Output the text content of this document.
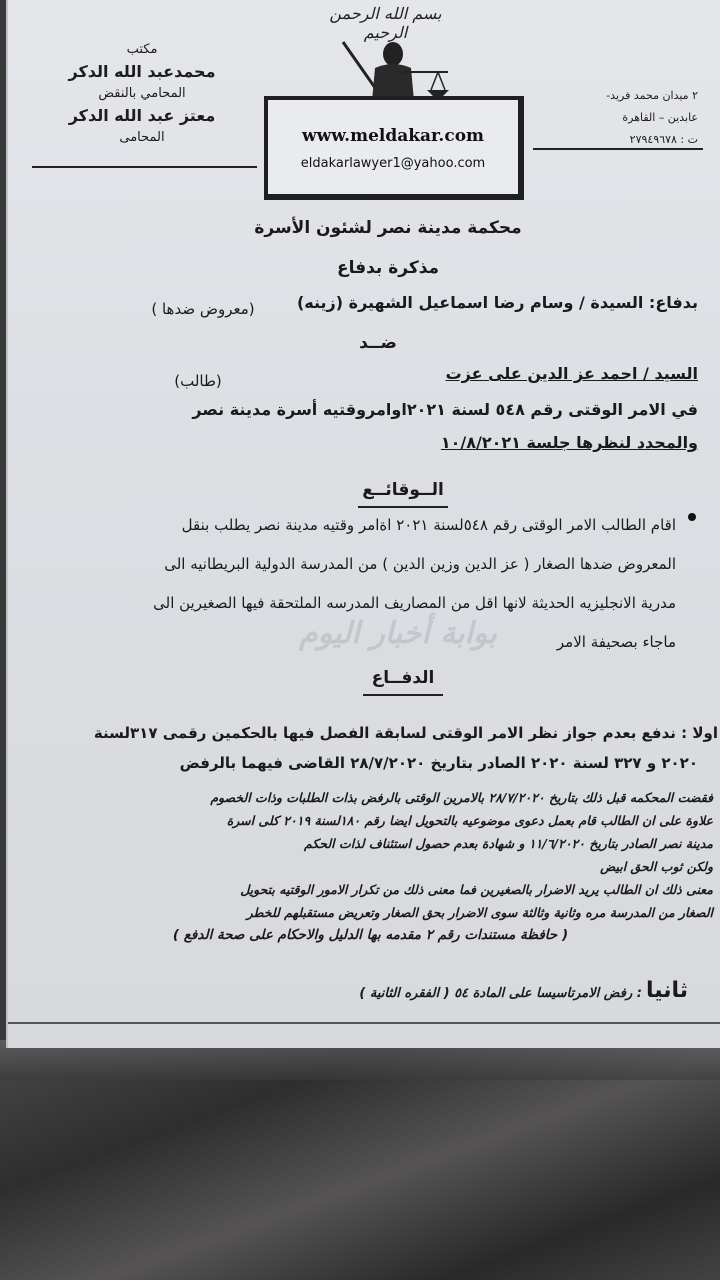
مكتب
محمدعبد الله الدكر
المحامي بالنقض
معتز عبد الله الدكر
المحامى
٢ ميدان محمد فريد-
عابدين – القاهرة
ت : ٢٧٩٤٩٦٧٨
بسم الله الرحمن الرحيم
www.meldakar.com
eldakarlawyer1@yahoo.com
محكمة مدينة نصر لشئون الأسرة
مذكرة بدفاع
بدفاع: السيدة / وسام رضا اسماعيل الشهيرة (زينه)
(معروض ضدها )
ضــد
السيد / احمد عز الدين على عزت
(طالب)
في الامر الوقتى رقم ٥٤٨ لسنة ٢٠٢١اوامروقتيه أسرة مدينة نصر
والمحدد لنظرها جلسة ١٠/٨/٢٠٢١
الــوقائــع
اقام الطالب الامر الوقتى رقم ٥٤٨لسنة ٢٠٢١ اةامر وقتيه مدينة نصر يطلب بنقل
المعروض ضدها الصغار ( عز الدين وزين الدين ) من المدرسة الدولية البريطانيه الى
مدرية الانجليزيه الحديثة لانها اقل من المصاريف المدرسه الملتحقة فيها الصغيرين الى
ماجاء بصحيفة الامر
بوابة أخبار اليوم
الدفــاع
اولا : ندفع بعدم جواز نظر الامر الوقتى لسابقة الفصل فيها بالحكمين رقمى ٣١٧لسنة
٢٠٢٠ و ٣٢٧ لسنة ٢٠٢٠ الصادر بتاريخ ٢٨/٧/٢٠٢٠ القاضى فيهما بالرفض
فقضت المحكمه قبل ذلك بتاريخ ٢٨/٧/٢٠٢٠ بالامرين الوقتى بالرفض بذات الطلبات وذات الخصوم
علاوة على ان الطالب قام بعمل دعوى موضوعيه بالتحويل ايضا رقم ١٨٠لسنة ٢٠١٩ كلى اسرة
مدينة نصر الصادر بتاريخ ١١/٦/٢٠٢٠ و شهادة بعدم حصول استئناف لذات الحكم
ولكن ثوب الحق ابيض
معنى ذلك ان الطالب يريد الاضرار بالصغيرين فما معنى ذلك من تكرار الامور الوقتيه بتحويل
الصغار من المدرسة مره وثانية وثالثة سوى الاضرار بحق الصغار وتعريض مستقبلهم للخطر
( حافظة مستندات رقم ٢ مقدمه بها الدليل والاحكام على صحة الدفع )
ثانيا
: رفض الامرتاسيسا على المادة ٥٤ ( الفقره الثانية )
